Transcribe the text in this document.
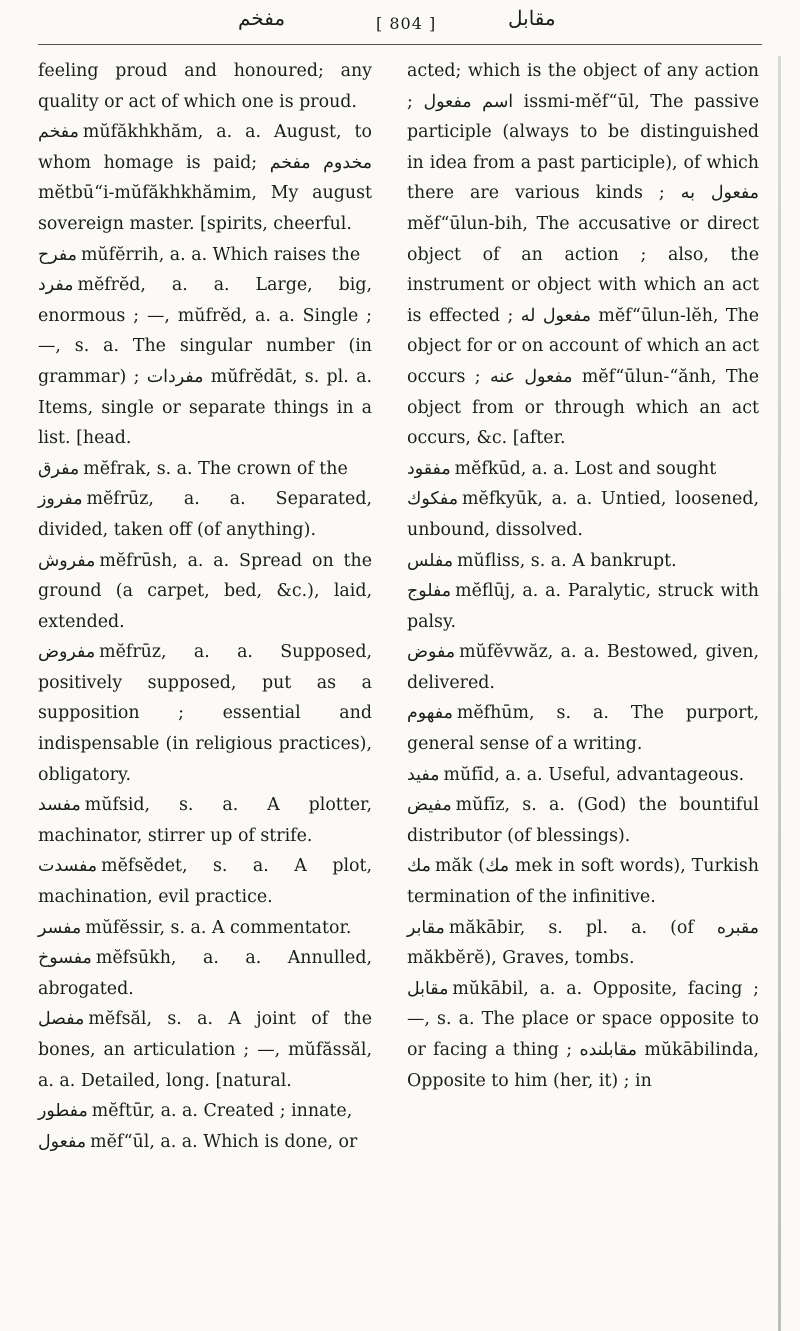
مفخم	[ 804 ]	مقابل

feeling proud and honoured; any quality or act of which one is proud.

مفخم mŭfăkhkhăm, a. a. August, to whom homage is paid; مخدوم مفخم mĕtbū“i-mŭfăkhkhămim, My august sovereign master. [spirits, cheerful.

مفرح mŭfĕrrih, a. a. Which raises the

مفرد mĕfrĕd, a. a. Large, big, enormous ; —, mŭfrĕd, a. a. Single ; —, s. a. The singular number (in grammar) ; مفردات mŭfrĕdāt, s. pl. a. Items, single or separate things in a list. [head.

مفرق mĕfrak, s. a. The crown of the

مفروز mĕfrūz, a. a. Separated, divided, taken off (of anything).

مفروش mĕfrūsh, a. a. Spread on the ground (a carpet, bed, &c.), laid, extended.

مفروض mĕfrūz, a. a. Supposed, positively supposed, put as a supposition ; essential and indispensable (in religious practices), obligatory.

مفسد mŭfsid, s. a. A plotter, machinator, stirrer up of strife.

مفسدت mĕfsĕdet, s. a. A plot, machination, evil practice.

مفسر mŭfĕssir, s. a. A commentator.

مفسوخ mĕfsūkh, a. a. Annulled, abrogated.

مفصل mĕfsăl, s. a. A joint of the bones, an articulation ; —, mŭfăssăl, a. a. Detailed, long. [natural.

مفطور mĕftūr, a. a. Created ; innate,

مفعول mĕf“ūl, a. a. Which is done, or

acted; which is the object of any action ; اسم مفعول issmi-mĕf“ūl, The passive participle (always to be distinguished in idea from a past participle), of which there are various kinds ; مفعول به mĕf“ūlun-bih, The accusative or direct object of an action ; also, the instrument or object with which an act is effected ; مفعول له mĕf“ūlun-lĕh, The object for or on account of which an act occurs ; مفعول عنه mĕf“ūlun-“ănh, The object from or through which an act occurs, &c. [after.

مفقود mĕfkūd, a. a. Lost and sought

مفكوك mĕfkyūk, a. a. Untied, loosened, unbound, dissolved.

مفلس mŭfliss, s. a. A bankrupt.

مفلوج mĕflūj, a. a. Paralytic, struck with palsy.

مفوض mŭfĕvwăz, a. a. Bestowed, given, delivered.

مفهوم mĕfhūm, s. a. The purport, general sense of a writing.

مفيد mŭfīd, a. a. Useful, advantageous.

مفيض mŭfīz, s. a. (God) the bountiful distributor (of blessings).

مك măk (مك mek in soft words), Turkish termination of the infinitive.

مقابر măkābir, s. pl. a. (of مقبره măkbĕrĕ), Graves, tombs.

مقابل mŭkābil, a. a. Opposite, facing ; —, s. a. The place or space opposite to or facing a thing ; مقابلنده mŭkābilinda, Opposite to him (her, it) ; in
